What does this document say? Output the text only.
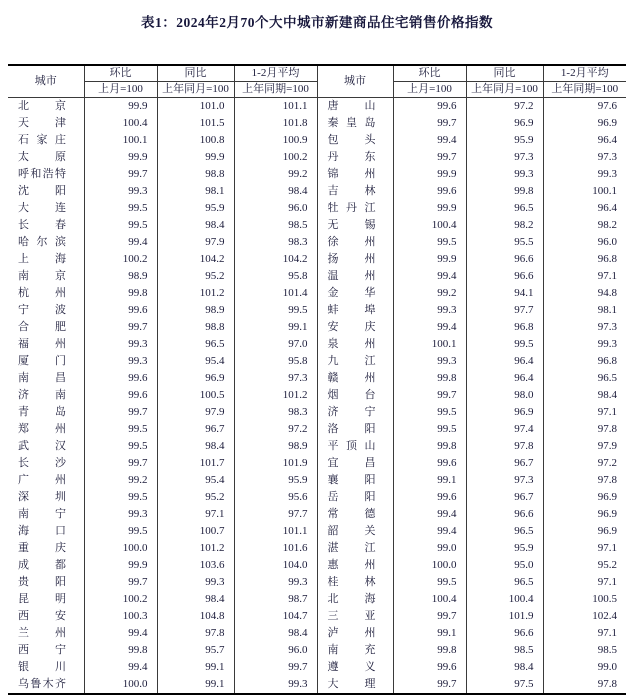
表1：2024年2月70个大中城市新建商品住宅销售价格指数
城市	环比	同比	1-2月平均	城市	环比	同比	1-2月平均
	上月=100	上年同月=100	上年同期=100		上月=100	上年同月=100	上年同期=100

北京	99.9	101.0	101.1	唐山	99.6	97.2	97.6

天津	100.4	101.5	101.8	秦皇岛	99.7	96.9	96.9

石家庄	100.1	100.8	100.9	包头	99.4	95.9	96.4

太原	99.9	99.9	100.2	丹东	99.7	97.3	97.3

呼和浩特	99.7	98.8	99.2	锦州	99.9	99.3	99.3

沈阳	99.3	98.1	98.4	吉林	99.6	99.8	100.1

大连	99.5	95.9	96.0	牡丹江	99.9	96.5	96.4

长春	99.5	98.4	98.5	无锡	100.4	98.2	98.2

哈尔滨	99.4	97.9	98.3	徐州	99.5	95.5	96.0

上海	100.2	104.2	104.2	扬州	99.9	96.6	96.8

南京	98.9	95.2	95.8	温州	99.4	96.6	97.1

杭州	99.8	101.2	101.4	金华	99.2	94.1	94.8

宁波	99.6	98.9	99.5	蚌埠	99.3	97.7	98.1

合肥	99.7	98.8	99.1	安庆	99.4	96.8	97.3

福州	99.3	96.5	97.0	泉州	100.1	99.5	99.3

厦门	99.3	95.4	95.8	九江	99.3	96.4	96.8

南昌	99.6	96.9	97.3	赣州	99.8	96.4	96.5

济南	99.6	100.5	101.2	烟台	99.7	98.0	98.4

青岛	99.7	97.9	98.3	济宁	99.5	96.9	97.1

郑州	99.5	96.7	97.2	洛阳	99.5	97.4	97.8

武汉	99.5	98.4	98.9	平顶山	99.8	97.8	97.9

长沙	99.7	101.7	101.9	宜昌	99.6	96.7	97.2

广州	99.2	95.4	95.9	襄阳	99.1	97.3	97.8

深圳	99.5	95.2	95.6	岳阳	99.6	96.7	96.9

南宁	99.3	97.1	97.7	常德	99.4	96.6	96.9

海口	99.5	100.7	101.1	韶关	99.4	96.5	96.9

重庆	100.0	101.2	101.6	湛江	99.0	95.9	97.1

成都	99.9	103.6	104.0	惠州	100.0	95.0	95.2

贵阳	99.7	99.3	99.3	桂林	99.5	96.5	97.1

昆明	100.2	98.4	98.7	北海	100.4	100.4	100.5

西安	100.3	104.8	104.7	三亚	99.7	101.9	102.4

兰州	99.4	97.8	98.4	泸州	99.1	96.6	97.1

西宁	99.8	95.7	96.0	南充	99.8	98.5	98.5

银川	99.4	99.1	99.7	遵义	99.6	98.4	99.0

乌鲁木齐	100.0	99.1	99.3	大理	99.7	97.5	97.8
